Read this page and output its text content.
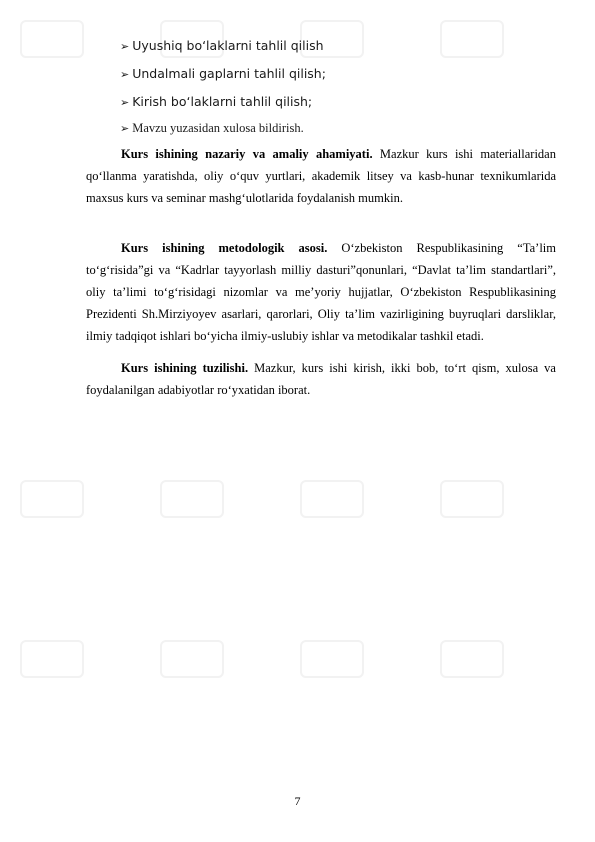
➢ Uyushiq bo‘laklarni tahlil qilish
➢ Undalmali gaplarni tahlil qilish;
➢ Kirish bo‘laklarni tahlil qilish;
➢ Mavzu yuzasidan xulosa bildirish.

Kurs ishining nazariy va amaliy ahamiyati. Mazkur kurs ishi materiallaridan qo‘llanma yaratishda, oliy o‘quv yurtlari, akademik litsey va kasb-hunar texnikumlarida maxsus kurs va seminar mashg‘ulotlarida foydalanish mumkin.

Kurs ishining metodologik asosi. O‘zbekiston Respublikasining “Ta’lim to‘g‘risida”gi va “Kadrlar tayyorlash milliy dasturi”qonunlari, “Davlat ta’lim standartlari”, oliy ta’limi to‘g‘risidagi nizomlar va me’yoriy hujjatlar, O‘zbekiston Respublikasining Prezidenti Sh.Mirziyoyev asarlari, qarorlari, Oliy ta’lim vazirligining buyruqlari darsliklar, ilmiy tadqiqot ishlari bo‘yicha ilmiy-uslubiy ishlar va metodikalar tashkil etadi.

Kurs ishining tuzilishi. Mazkur, kurs ishi kirish, ikki bob, to‘rt qism, xulosa va foydalanilgan adabiyotlar ro‘yxatidan iborat.

7
